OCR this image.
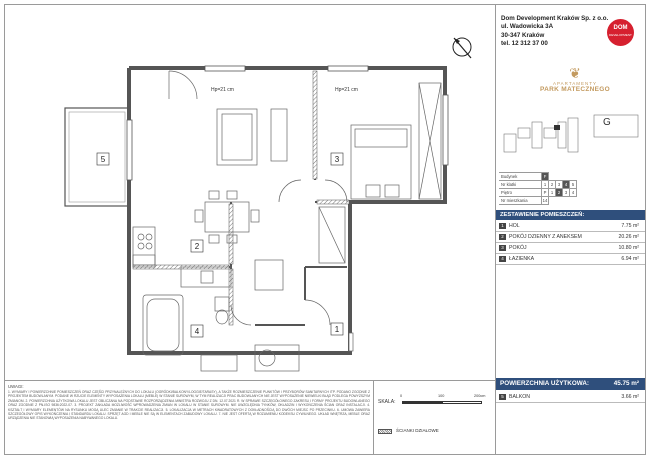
Hp=21 cm	Hp=21 cm
5	3
2
4	1
UWAGI:
1. WYMIARY I POWIERZCHNIE POMIESZCZEŃ ORAZ CZĘŚCI PRZYNALEŻNYCH DO LOKALU (OGRÓDKI/BALKONY/LOGGIE/TARASY), A TAKŻE ROZMIESZCZENIE PUNKTÓW I PRZYBORÓW SANITARNYCH ITP. PODANO ZGODNIE Z PROJEKTEM BUDOWLANYM. PODANE W RZUCIE ELEMENTY WYPOSAŻENIA LOKALU (MEBLE) W STANIE SUROWYM, W TYM REALIZACJI PRAC BUDOWLANYCH NIE JEST WYPOSAŻENIE NIEWIELKI BŁĄD PODLEGA POWYŻSZYM ZMIANOM. 2. POWIERZCHNIA UŻYTKOWA LOKALU JEST OBLICZANA NA PODSTAWIE ROZPORZĄDZENIA MINISTRA ROZWOJU Z DN. 12.07.2021 R. W SPRAWIE SZCZEGÓŁOWEGO ZAKRESU I FORMY PROJEKTU BUDOWLANEGO ORAZ ZGODNIE Z PN-ISO 9836:2022-07. 3. PROJEKT ZAKŁADA MOŻLIWOŚĆ WPROWADZENIA ZMIAN W LOKALU W STANIE SUROWYM. NIE UWZGLĘDNIA TYNKÓW, OKŁADZIN I WYKOŃCZENIA ŚCIAN ORAZ INSTALACJI. 4. KSZTAŁT I WYMIARY ELEMENTÓW NA RYSUNKU MOGĄ ULEC ZMIANIE W TRAKCIE REALIZACJI. 5. LOKALIZACJA W METRACH KWADRATOWYCH Z DOKŁADNOŚCIĄ DO DWÓCH MIEJSC PO PRZECINKU. 6. UMOWA ZAWIERA SZCZEGÓŁOWY OPIS WYKOŃCZENIA I STANDARDU LOKALU. SPRZĘT AGD I MEBLE NIE SĄ W ELEMENTACH ZABUDOWY LOKALU. 7. NIE JEST OFERTĄ W ROZUMIENIU KODEKSU CYWILNEGO. UKŁAD WNĘTRZA, MEBLE ORAZ URZĄDZENIA NIE STANOWIĄ WYPOSAŻENIA NABYWANEGO LOKALU.
SKALA:
0	100	200cm
ŚCIANKI DZIAŁOWE
Dom Development Kraków Sp. z o.o.
ul. Wadowicka 3A
30-347 Kraków
tel. 12 312 37 00
DOM
DEVELOPMENT
❦
APARTAMENTY
PARK MATECZNEGO
G
Budynek	F				
Nr klatki	1	2	3	4	5
Piętro	P	1	2	3	4
Nr mieszkania	14				
ZESTAWIENIE POMIESZCZEŃ:
1	HOL	7.75 m²
2	POKÓJ DZIENNY Z ANEKSEM	20.26 m²
3	POKÓJ	10.80 m²
4	ŁAZIENKA	6.94 m²
POWIERZCHNIA UŻYTKOWA:	45.75 m²
5	BALKON	3.66 m²
